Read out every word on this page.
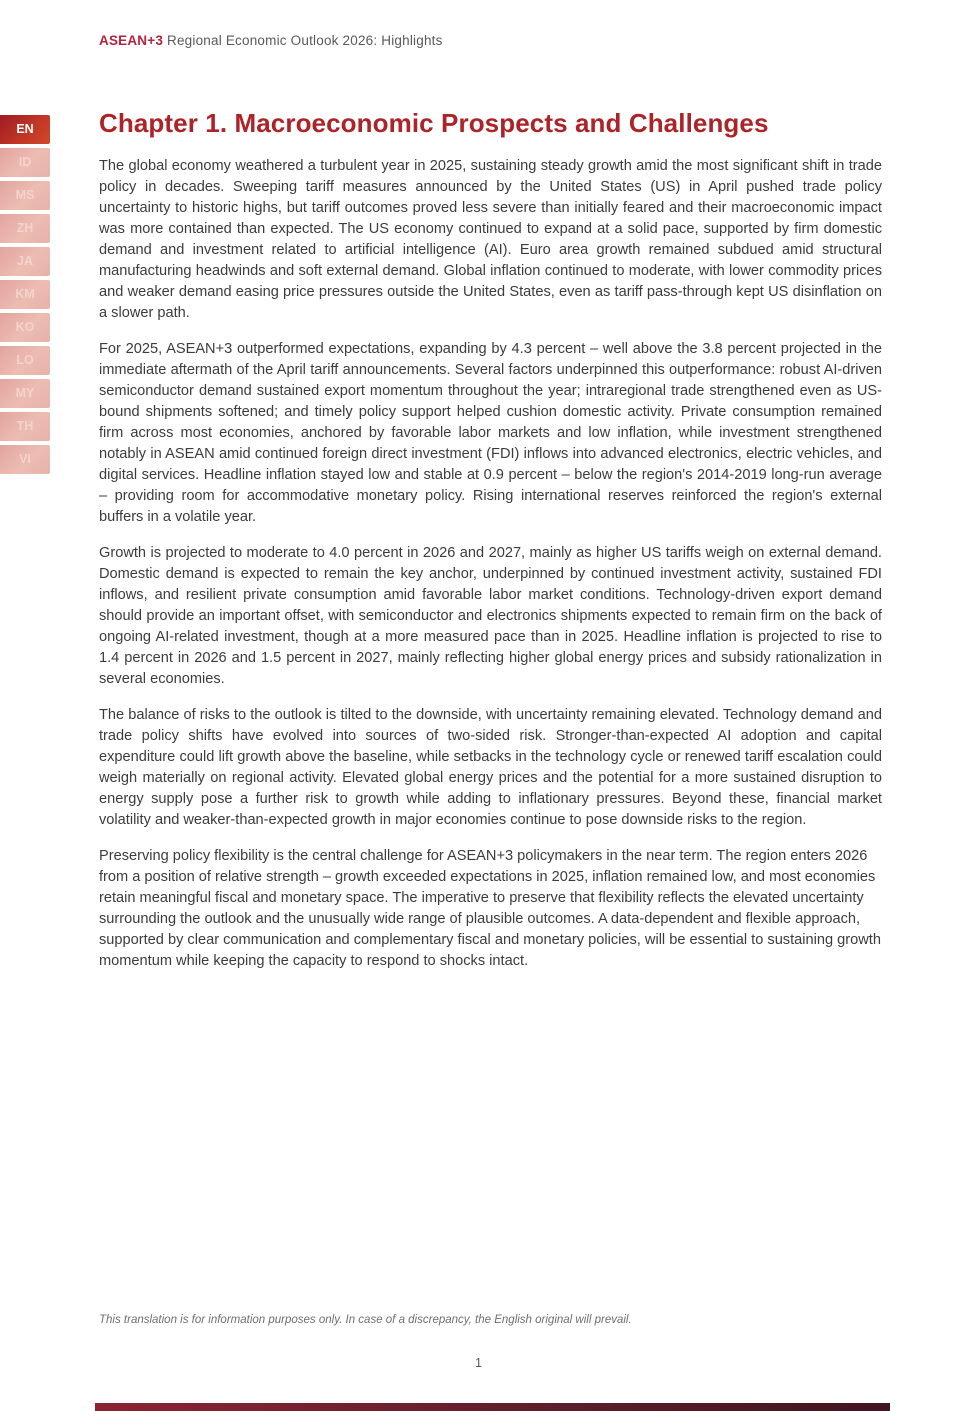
ASEAN+3 Regional Economic Outlook 2026: Highlights
EN
ID
MS
ZH
JA
KM
KO
LO
MY
TH
VI
Chapter 1. Macroeconomic Prospects and Challenges

The global economy weathered a turbulent year in 2025, sustaining steady growth amid the most significant shift in trade policy in decades. Sweeping tariff measures announced by the United States (US) in April pushed trade policy uncertainty to historic highs, but tariff outcomes proved less severe than initially feared and their macroeconomic impact was more contained than expected. The US economy continued to expand at a solid pace, supported by firm domestic demand and investment related to artificial intelligence (AI). Euro area growth remained subdued amid structural manufacturing headwinds and soft external demand. Global inflation continued to moderate, with lower commodity prices and weaker demand easing price pressures outside the United States, even as tariff pass-through kept US disinflation on a slower path.

For 2025, ASEAN+3 outperformed expectations, expanding by 4.3 percent – well above the 3.8 percent projected in the immediate aftermath of the April tariff announcements. Several factors underpinned this outperformance: robust AI-driven semiconductor demand sustained export momentum throughout the year; intraregional trade strengthened even as US-bound shipments softened; and timely policy support helped cushion domestic activity. Private consumption remained firm across most economies, anchored by favorable labor markets and low inflation, while investment strengthened notably in ASEAN amid continued foreign direct investment (FDI) inflows into advanced electronics, electric vehicles, and digital services. Headline inflation stayed low and stable at 0.9 percent – below the region's 2014-2019 long-run average – providing room for accommodative monetary policy. Rising international reserves reinforced the region's external buffers in a volatile year.

Growth is projected to moderate to 4.0 percent in 2026 and 2027, mainly as higher US tariffs weigh on external demand. Domestic demand is expected to remain the key anchor, underpinned by continued investment activity, sustained FDI inflows, and resilient private consumption amid favorable labor market conditions. Technology-driven export demand should provide an important offset, with semiconductor and electronics shipments expected to remain firm on the back of ongoing AI-related investment, though at a more measured pace than in 2025. Headline inflation is projected to rise to 1.4 percent in 2026 and 1.5 percent in 2027, mainly reflecting higher global energy prices and subsidy rationalization in several economies.

The balance of risks to the outlook is tilted to the downside, with uncertainty remaining elevated. Technology demand and trade policy shifts have evolved into sources of two-sided risk. Stronger-than-expected AI adoption and capital expenditure could lift growth above the baseline, while setbacks in the technology cycle or renewed tariff escalation could weigh materially on regional activity. Elevated global energy prices and the potential for a more sustained disruption to energy supply pose a further risk to growth while adding to inflationary pressures. Beyond these, financial market volatility and weaker-than-expected growth in major economies continue to pose downside risks to the region.

Preserving policy flexibility is the central challenge for ASEAN+3 policymakers in the near term. The region enters 2026 from a position of relative strength – growth exceeded expectations in 2025, inflation remained low, and most economies retain meaningful fiscal and monetary space. The imperative to preserve that flexibility reflects the elevated uncertainty surrounding the outlook and the unusually wide range of plausible outcomes. A data-dependent and flexible approach, supported by clear communication and complementary fiscal and monetary policies, will be essential to sustaining growth momentum while keeping the capacity to respond to shocks intact.

This translation is for information purposes only. In case of a discrepancy, the English original will prevail.
1
